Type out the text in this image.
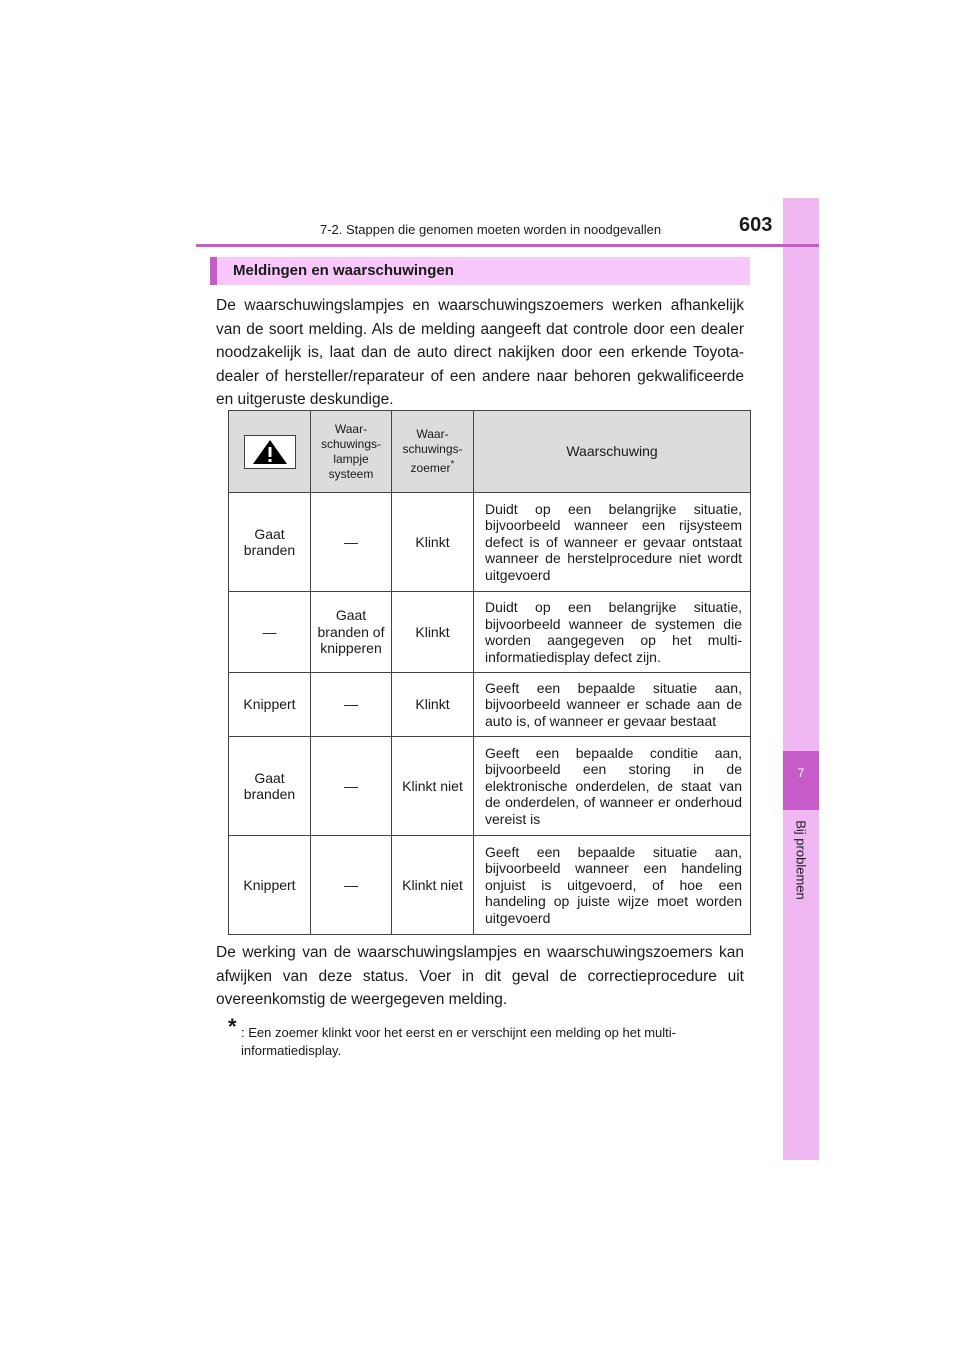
7
Bij problemen
7-2. Stappen die genomen moeten worden in noodgevallen	603
Meldingen en waarschuwingen

De waarschuwingslampjes en waarschuwingszoemers werken afhankelijk van de soort melding. Als de melding aangeeft dat controle door een dealer noodzakelijk is, laat dan de auto direct nakijken door een erkende Toyota-dealer of hersteller/reparateur of een andere naar behoren gekwalificeerde en uitgeruste deskundige.

	Waar-schuwings-lampje systeem	Waar-schuwings-zoemer*	Waarschuwing
Gaat branden	—	Klinkt	Duidt op een belangrijke situatie, bijvoorbeeld wanneer een rijsysteem defect is of wanneer er gevaar ontstaat wanneer de herstelprocedure niet wordt uitgevoerd
—	Gaat branden of knipperen	Klinkt	Duidt op een belangrijke situatie, bijvoorbeeld wanneer de systemen die worden aangegeven op het multi-informatiedisplay defect zijn.
Knippert	—	Klinkt	Geeft een bepaalde situatie aan, bijvoorbeeld wanneer er schade aan de auto is, of wanneer er gevaar bestaat
Gaat branden	—	Klinkt niet	Geeft een bepaalde conditie aan, bijvoorbeeld een storing in de elektronische onderdelen, de staat van de onderdelen, of wanneer er onderhoud vereist is
Knippert	—	Klinkt niet	Geeft een bepaalde situatie aan, bijvoorbeeld wanneer een handeling onjuist is uitgevoerd, of hoe een handeling op juiste wijze moet worden uitgevoerd

De werking van de waarschuwingslampjes en waarschuwingszoemers kan afwijken van deze status. Voer in dit geval de correctieprocedure uit overeenkomstig de weergegeven melding.

* : Een zoemer klinkt voor het eerst en er verschijnt een melding op het multi-informatiedisplay.
